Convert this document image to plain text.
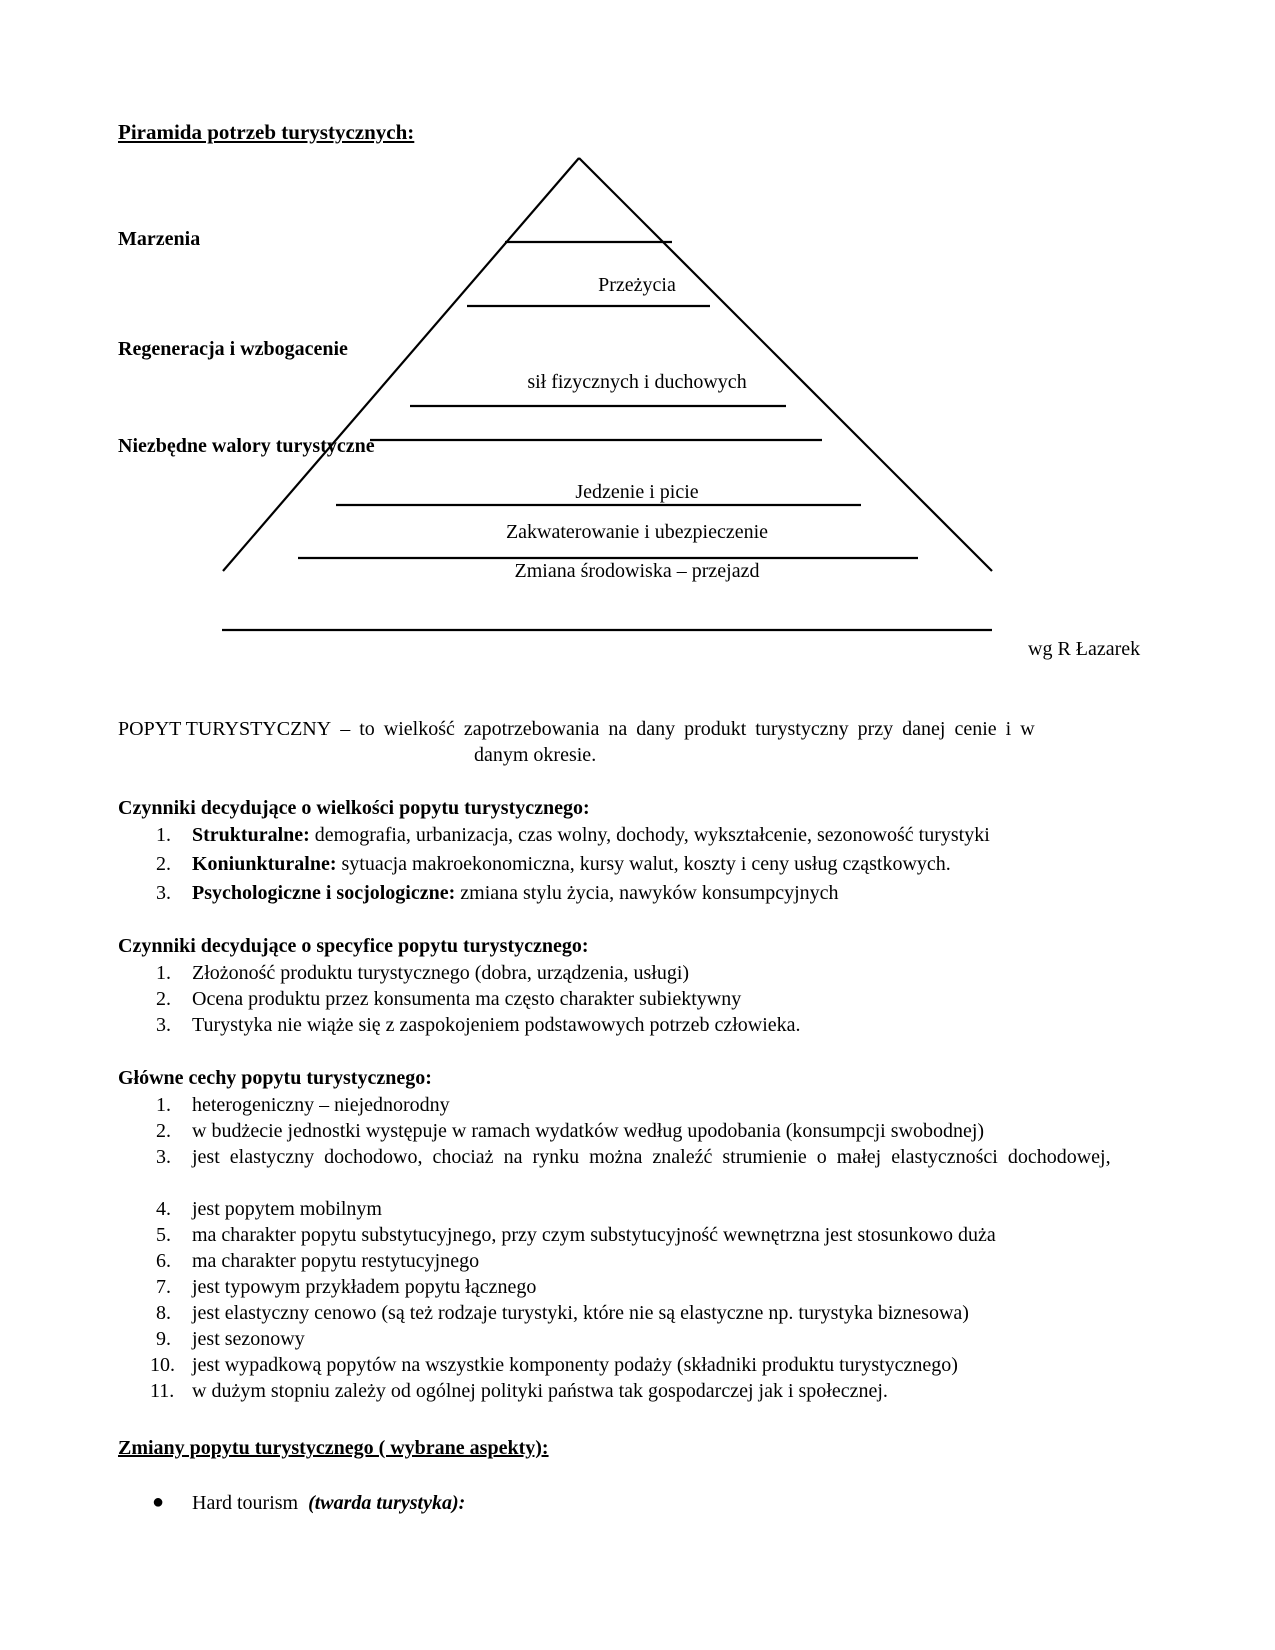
Piramida potrzeb turystycznych:
Marzenia
Regeneracja i wzbogacenie
Niezbędne walory turystyczne
Przeżycia
sił fizycznych i duchowych
Jedzenie i picie
Zakwaterowanie i ubezpieczenie
Zmiana środowiska – przejazd
wg R Łazarek
POPYT TURYSTYCZNY – to wielkość zapotrzebowania na dany produkt turystyczny przy danej cenie i w
danym okresie.
Czynniki decydujące o wielkości popytu turystycznego:
1. Strukturalne: demografia, urbanizacja, czas wolny, dochody, wykształcenie, sezonowość turystyki
2. Koniunkturalne: sytuacja makroekonomiczna, kursy walut, koszty i ceny usług cząstkowych.
3. Psychologiczne i socjologiczne: zmiana stylu życia, nawyków konsumpcyjnych
Czynniki decydujące o specyfice popytu turystycznego:
1. Złożoność produktu turystycznego (dobra, urządzenia, usługi)
2. Ocena produktu przez konsumenta ma często charakter subiektywny
3. Turystyka nie wiąże się z zaspokojeniem podstawowych potrzeb człowieka.
Główne cechy popytu turystycznego:
1. heterogeniczny – niejednorodny
2. w budżecie jednostki występuje w ramach wydatków według upodobania (konsumpcji swobodnej)
3. jest elastyczny dochodowo, chociaż na rynku można znaleźć strumienie o małej elastyczności dochodowej,
4. jest popytem mobilnym
5. ma charakter popytu substytucyjnego, przy czym substytucyjność wewnętrzna jest stosunkowo duża
6. ma charakter popytu restytucyjnego
7. jest typowym przykładem popytu łącznego
8. jest elastyczny cenowo (są też rodzaje turystyki, które nie są elastyczne np. turystyka biznesowa)
9. jest sezonowy
10. jest wypadkową popytów na wszystkie komponenty podaży (składniki produktu turystycznego)
11. w dużym stopniu zależy od ogólnej polityki państwa tak gospodarczej jak i społecznej.
Zmiany popytu turystycznego ( wybrane aspekty):
● Hard tourism  (twarda turystyka):
